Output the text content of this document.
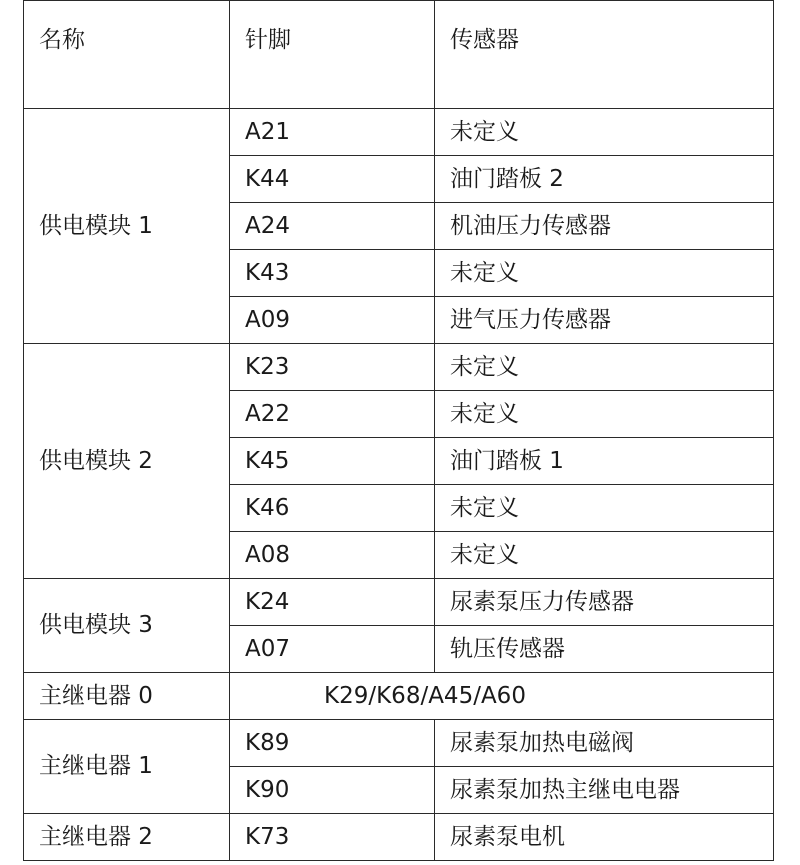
名称	针脚	传感器
供电模块 1	A21	未定义
	K44	油门踏板 2
	A24	机油压力传感器
	K43	未定义
	A09	进气压力传感器
供电模块 2	K23	未定义
	A22	未定义
	K45	油门踏板 1
	K46	未定义
	A08	未定义
供电模块 3	K24	尿素泵压力传感器
	A07	轨压传感器
主继电器 0	K29/K68/A45/A60	
主继电器 1	K89	尿素泵加热电磁阀
	K90	尿素泵加热主继电电器
主继电器 2	K73	尿素泵电机
